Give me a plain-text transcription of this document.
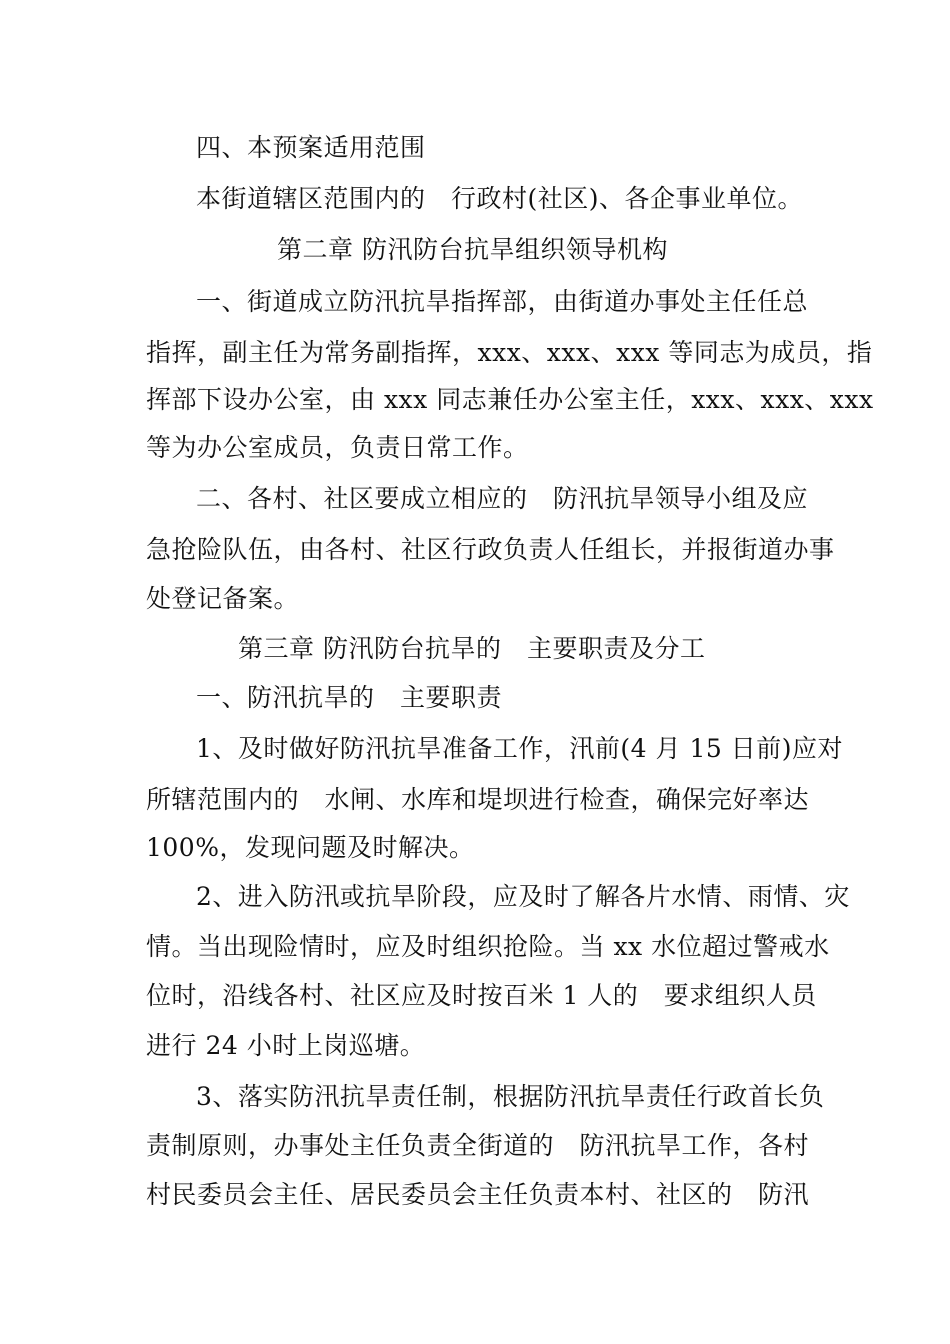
四、本预案适用范围
本街道辖区范围内的　行政村(社区)、各企事业单位。
第二章 防汛防台抗旱组织领导机构
一、街道成立防汛抗旱指挥部，由街道办事处主任任总
指挥，副主任为常务副指挥，xxx、xxx、xxx 等同志为成员，指
挥部下设办公室，由 xxx 同志兼任办公室主任，xxx、xxx、xxx
等为办公室成员，负责日常工作。
二、各村、社区要成立相应的　防汛抗旱领导小组及应
急抢险队伍，由各村、社区行政负责人任组长，并报街道办事
处登记备案。
第三章 防汛防台抗旱的　主要职责及分工
一、防汛抗旱的　主要职责
1、及时做好防汛抗旱准备工作，汛前(4 月 15 日前)应对
所辖范围内的　水闸、水库和堤坝进行检查，确保完好率达
100%，发现问题及时解决。
2、进入防汛或抗旱阶段，应及时了解各片水情、雨情、灾
情。当出现险情时，应及时组织抢险。当 xx 水位超过警戒水
位时，沿线各村、社区应及时按百米 1 人的　要求组织人员
进行 24 小时上岗巡塘。
3、落实防汛抗旱责任制，根据防汛抗旱责任行政首长负
责制原则，办事处主任负责全街道的　防汛抗旱工作，各村
村民委员会主任、居民委员会主任负责本村、社区的　防汛
